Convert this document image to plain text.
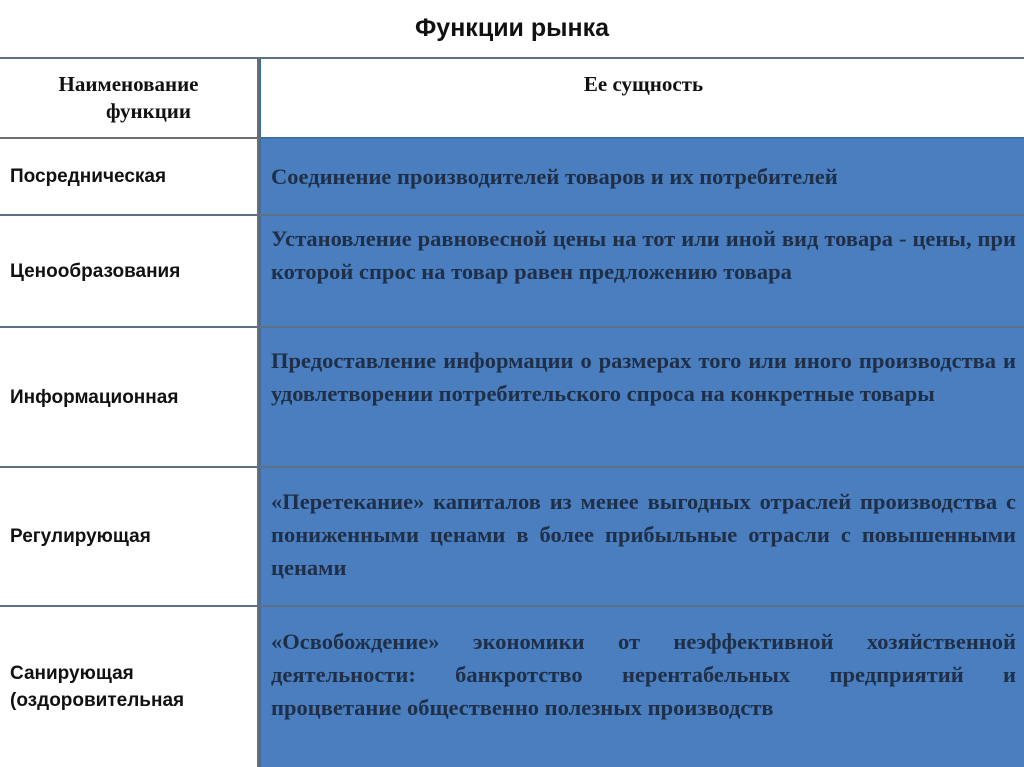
Функции рынка
Наименование
функции
Ее сущность
Посредническая	Соединение производителей товаров и их потребителей
Ценообразования
Установление равновесной цены на тот или иной вид товара - цены, при которой спрос на товар равен предложению товара
Информационная
Предоставление информации о размерах того или иного производства и удовлетворении потребительского спроса на конкретные товары
Регулирующая
«Перетекание» капиталов из менее выгодных отраслей производства с пониженными ценами в более прибыльные отрасли с повышенными ценами
Санирующая
(оздоровительная
«Освобождение» экономики от неэффективной хозяйственной деятельности: банкротство нерентабельных предприятий и процветание общественно полезных производств
